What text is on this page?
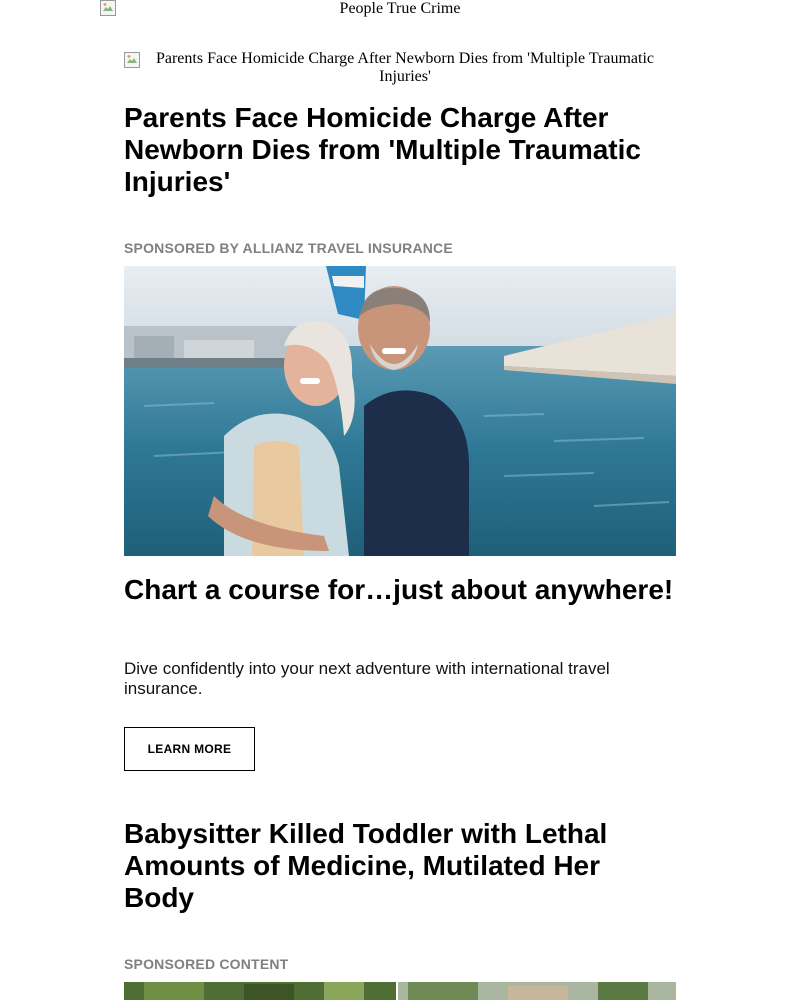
People True Crime
Parents Face Homicide Charge After Newborn Dies from 'Multiple Traumatic Injuries'
Parents Face Homicide Charge After Newborn Dies from 'Multiple Traumatic Injuries'
SPONSORED BY ALLIANZ TRAVEL INSURANCE
Chart a course for…just about anywhere!
Dive confidently into your next adventure with international travel insurance.
LEARN MORE
Babysitter Killed Toddler with Lethal Amounts of Medicine, Mutilated Her Body
SPONSORED CONTENT
